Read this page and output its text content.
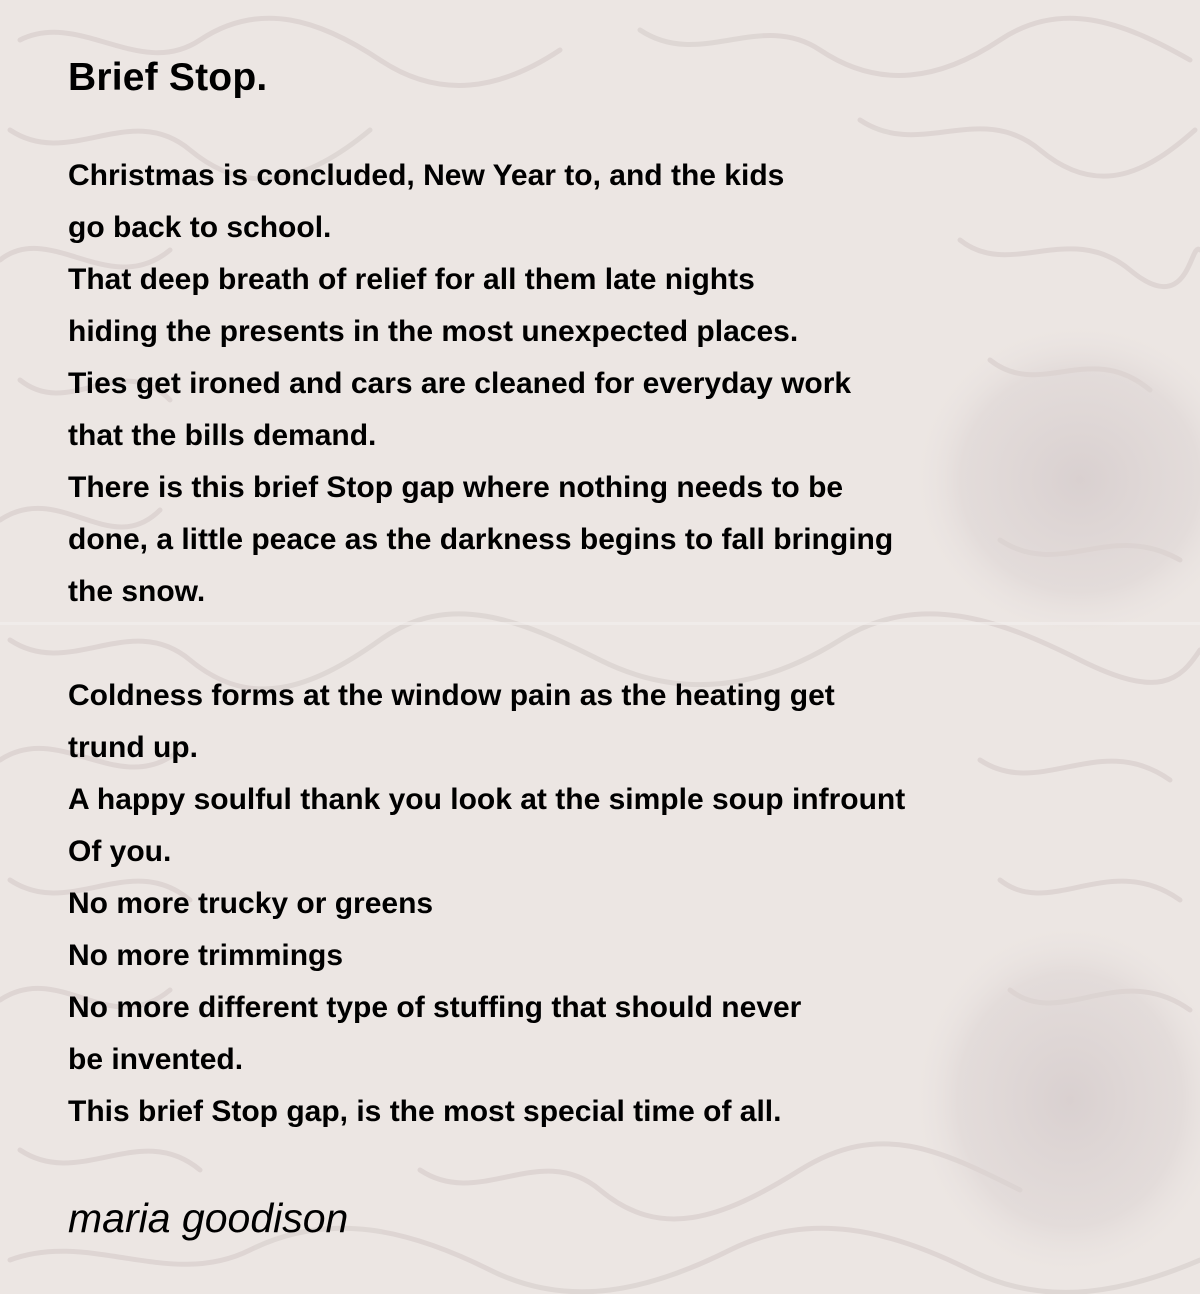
Brief Stop.
Christmas is concluded, New Year to, and the kids
go back to school.
That deep breath of relief for all them late nights
hiding the presents in the most unexpected places.
Ties get ironed and cars are cleaned for everyday work
that the bills demand.
There is this brief Stop gap where nothing needs to be
done, a little peace as the darkness begins to fall bringing
the snow.
Coldness forms at the window pain as the heating get
trund up.
A happy soulful thank you look at the simple soup infrount
Of you.
No more trucky or greens
No more trimmings
No more different type of stuffing that should never
be invented.
This brief Stop gap, is the most special time of all.

maria goodison
